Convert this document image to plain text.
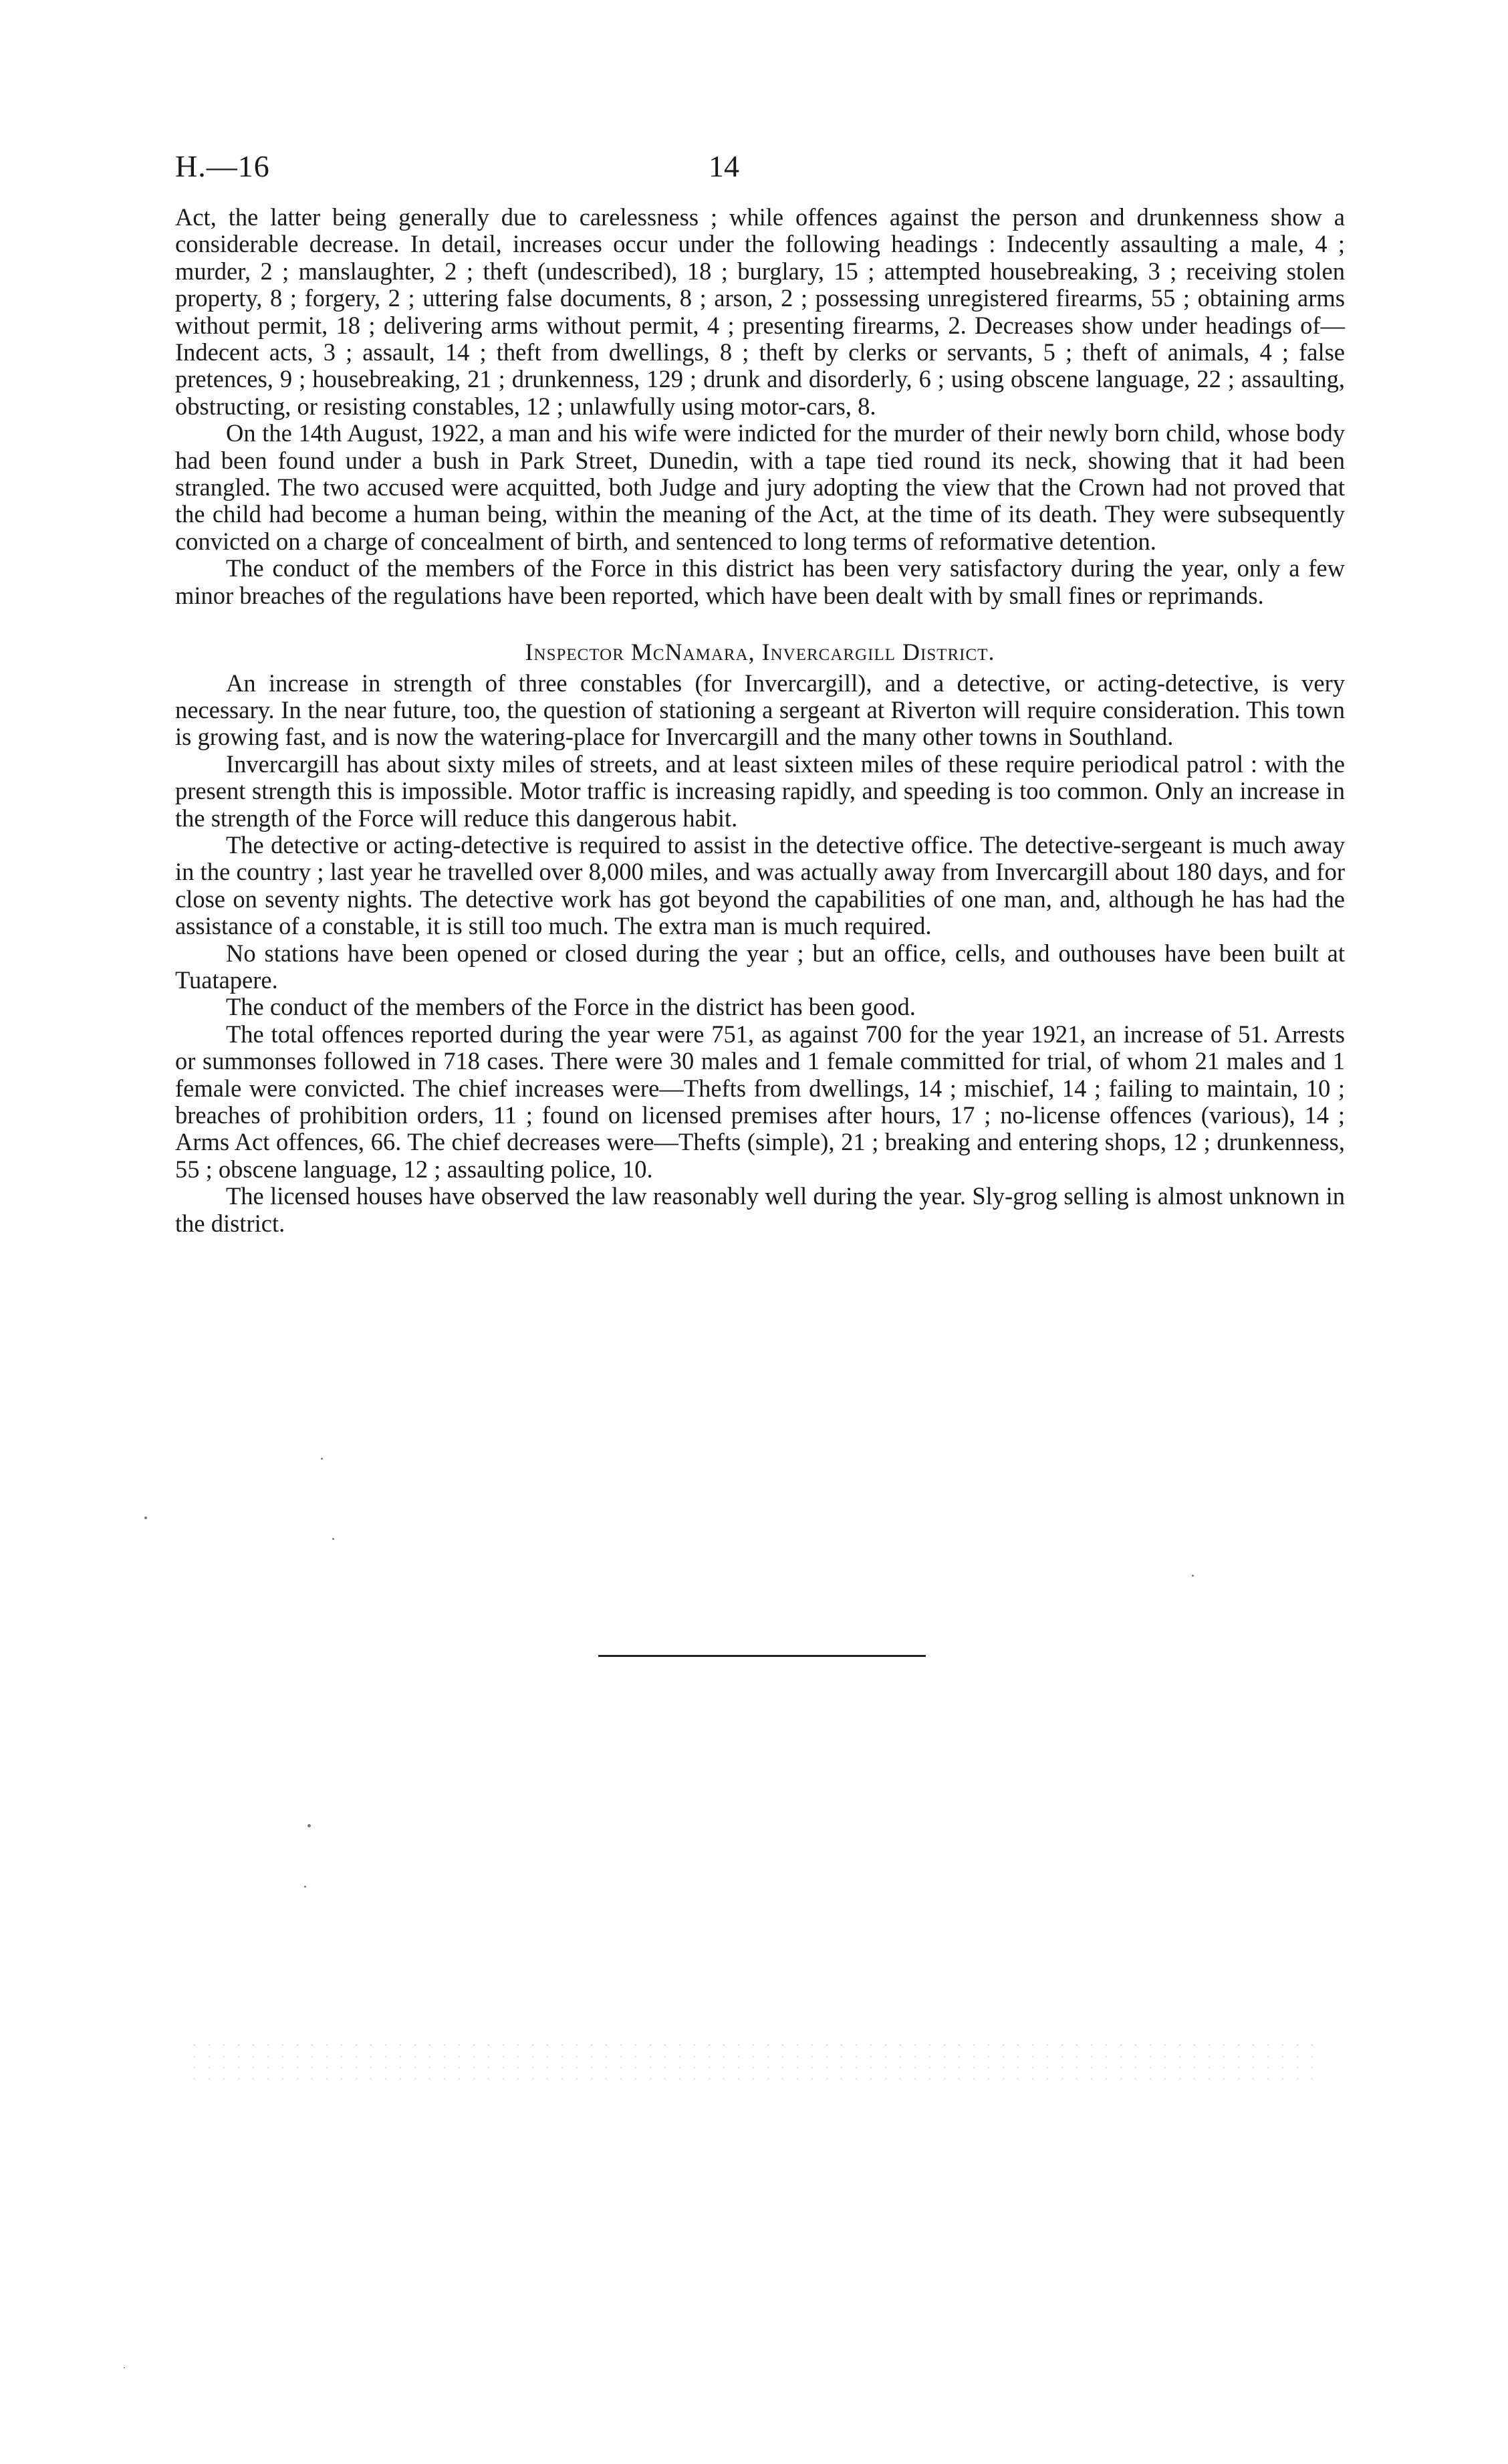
H.—16	14

Act, the latter being generally due to carelessness ; while offences against the person and drunkenness show a considerable decrease. In detail, increases occur under the following headings : Indecently assaulting a male, 4 ; murder, 2 ; manslaughter, 2 ; theft (undescribed), 18 ; burglary, 15 ; attempted housebreaking, 3 ; receiving stolen property, 8 ; forgery, 2 ; uttering false documents, 8 ; arson, 2 ; possessing unregistered firearms, 55 ; obtaining arms without permit, 18 ; delivering arms without permit, 4 ; presenting firearms, 2. Decreases show under headings of—Indecent acts, 3 ; assault, 14 ; theft from dwellings, 8 ; theft by clerks or servants, 5 ; theft of animals, 4 ; false pretences, 9 ; housebreaking, 21 ; drunkenness, 129 ; drunk and disorderly, 6 ; using obscene language, 22 ; assaulting, obstructing, or resisting constables, 12 ; unlawfully using motor-cars, 8.

On the 14th August, 1922, a man and his wife were indicted for the murder of their newly born child, whose body had been found under a bush in Park Street, Dunedin, with a tape tied round its neck, showing that it had been strangled. The two accused were acquitted, both Judge and jury adopting the view that the Crown had not proved that the child had become a human being, within the meaning of the Act, at the time of its death. They were subsequently convicted on a charge of concealment of birth, and sentenced to long terms of reformative detention.

The conduct of the members of the Force in this district has been very satisfactory during the year, only a few minor breaches of the regulations have been reported, which have been dealt with by small fines or reprimands.

Inspector McNamara, Invercargill District.

An increase in strength of three constables (for Invercargill), and a detective, or acting-detective, is very necessary. In the near future, too, the question of stationing a sergeant at Riverton will require consideration. This town is growing fast, and is now the watering-place for Invercargill and the many other towns in Southland.

Invercargill has about sixty miles of streets, and at least sixteen miles of these require periodical patrol : with the present strength this is impossible. Motor traffic is increasing rapidly, and speeding is too common. Only an increase in the strength of the Force will reduce this dangerous habit.

The detective or acting-detective is required to assist in the detective office. The detective-sergeant is much away in the country ; last year he travelled over 8,000 miles, and was actually away from Invercargill about 180 days, and for close on seventy nights. The detective work has got beyond the capabilities of one man, and, although he has had the assistance of a constable, it is still too much. The extra man is much required.

No stations have been opened or closed during the year ; but an office, cells, and outhouses have been built at Tuatapere.

The conduct of the members of the Force in the district has been good.

The total offences reported during the year were 751, as against 700 for the year 1921, an increase of 51. Arrests or summonses followed in 718 cases. There were 30 males and 1 female committed for trial, of whom 21 males and 1 female were convicted. The chief increases were—Thefts from dwellings, 14 ; mischief, 14 ; failing to maintain, 10 ; breaches of prohibition orders, 11 ; found on licensed premises after hours, 17 ; no-license offences (various), 14 ; Arms Act offences, 66. The chief decreases were—Thefts (simple), 21 ; breaking and entering shops, 12 ; drunkenness, 55 ; obscene language, 12 ; assaulting police, 10.

The licensed houses have observed the law reasonably well during the year. Sly-grog selling is almost unknown in the district.
